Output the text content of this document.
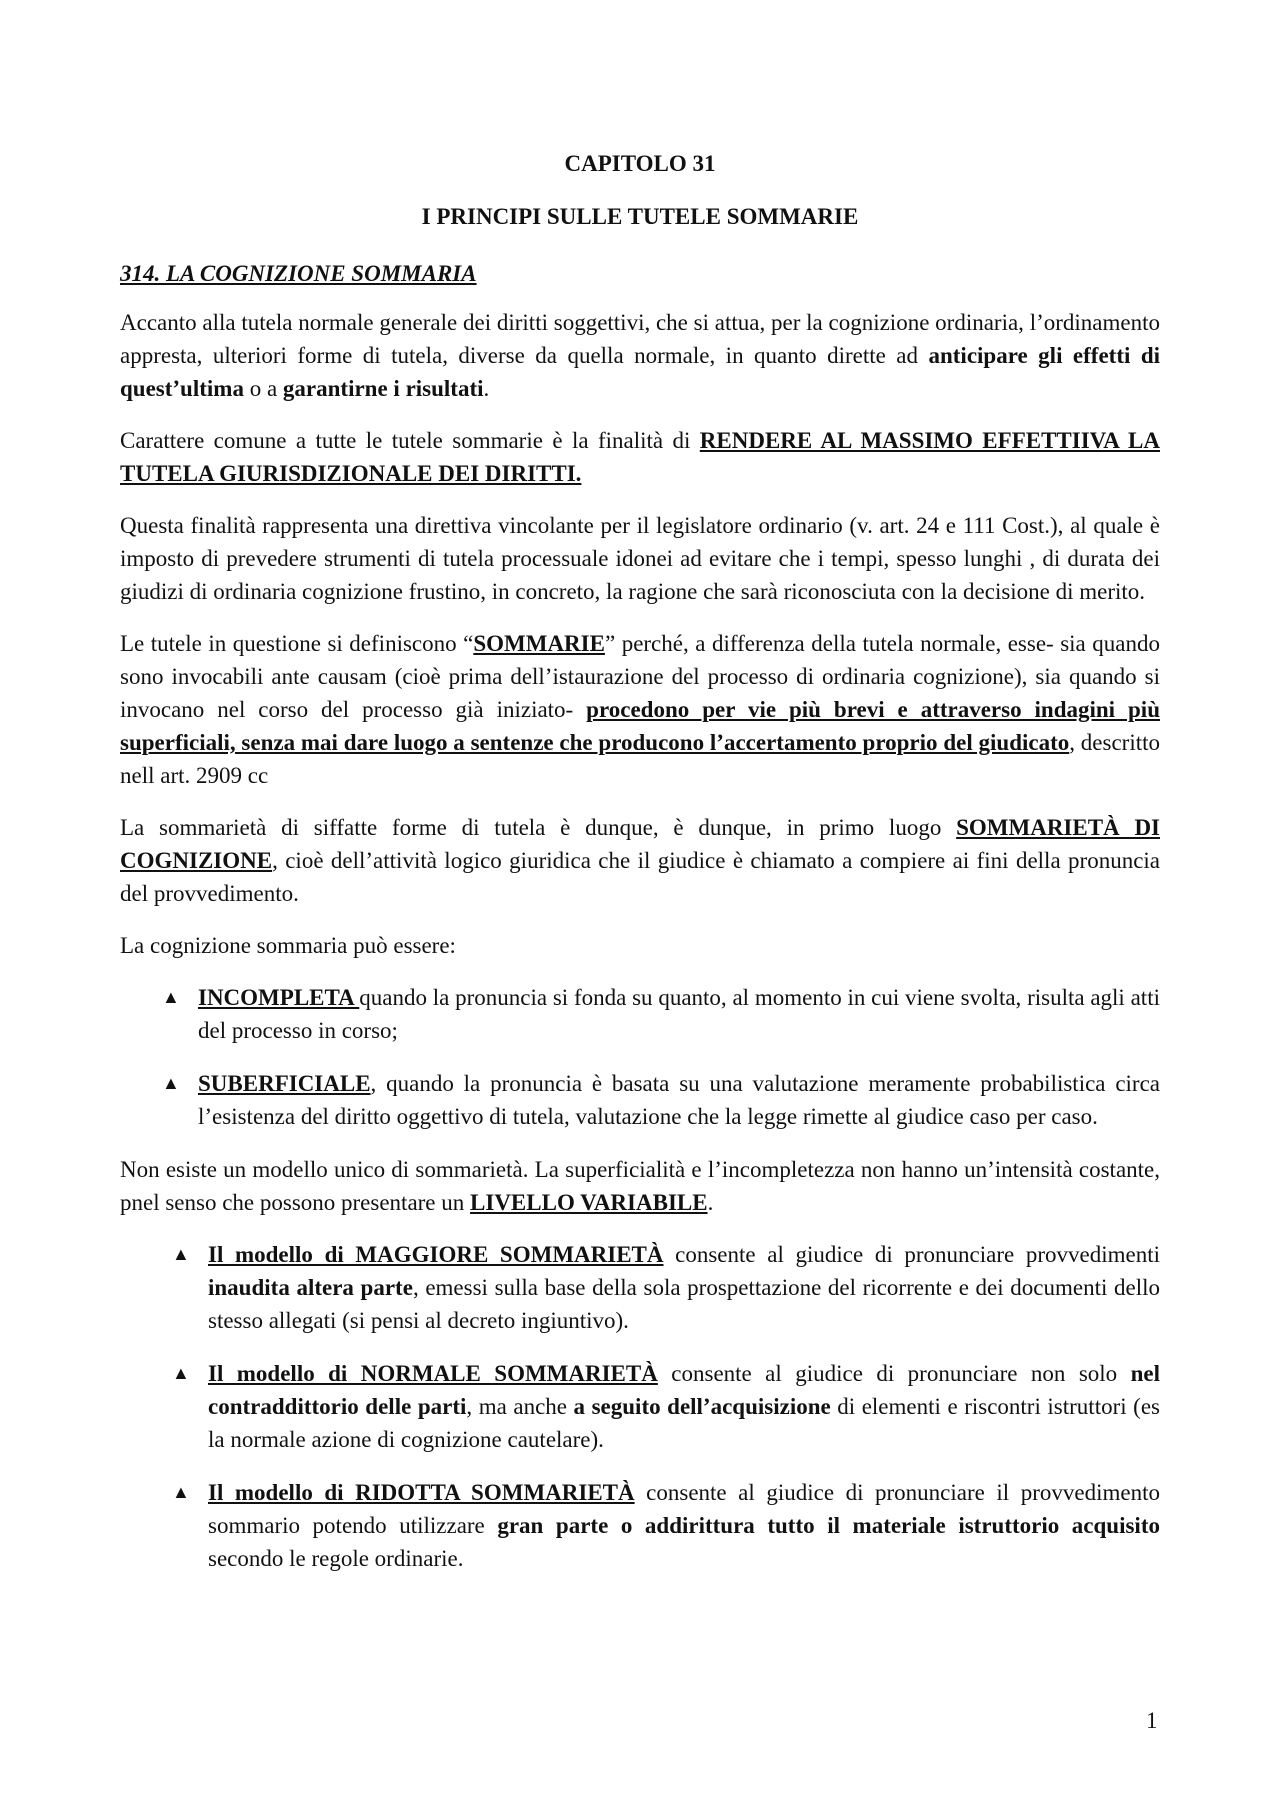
CAPITOLO 31

I PRINCIPI SULLE TUTELE SOMMARIE

314. LA COGNIZIONE SOMMARIA

Accanto alla tutela normale generale dei diritti soggettivi, che si attua, per la cognizione ordinaria, l’ordinamento appresta, ulteriori forme di tutela, diverse da quella normale, in quanto dirette ad anticipare gli effetti di quest’ultima o a garantirne i risultati.

Carattere comune a tutte le tutele sommarie è la finalità di RENDERE AL MASSIMO EFFETTIIVA LA TUTELA GIURISDIZIONALE DEI DIRITTI.

Questa finalità rappresenta una direttiva vincolante per il legislatore ordinario (v. art. 24 e 111 Cost.), al quale è imposto di prevedere strumenti di tutela processuale idonei ad evitare che i tempi, spesso lunghi , di durata dei giudizi di ordinaria cognizione frustino, in concreto, la ragione che sarà riconosciuta con la decisione di merito.

Le tutele in questione si definiscono “SOMMARIE” perché, a differenza della tutela normale, esse- sia quando sono invocabili ante causam (cioè prima dell’istaurazione del processo di ordinaria cognizione), sia quando si invocano nel corso del processo già iniziato- procedono per vie più brevi e attraverso indagini più superficiali, senza mai dare luogo a sentenze che producono l’accertamento proprio del giudicato, descritto nell art. 2909 cc

La sommarietà di siffatte forme di tutela è dunque, è dunque, in primo luogo SOMMARIETÀ DI COGNIZIONE, cioè dell’attività logico giuridica che il giudice è chiamato a compiere ai fini della pronuncia del provvedimento.

La cognizione sommaria può essere:

▲ INCOMPLETA quando la pronuncia si fonda su quanto, al momento in cui viene svolta, risulta agli atti del processo in corso;
▲ SUBERFICIALE, quando la pronuncia è basata su una valutazione meramente probabilistica circa l’esistenza del diritto oggettivo di tutela, valutazione che la legge rimette al giudice caso per caso.

Non esiste un modello unico di sommarietà. La superficialità e l’incompletezza non hanno un’intensità costante, pnel senso che possono presentare un LIVELLO VARIABILE.

▲ Il modello di MAGGIORE SOMMARIETÀ consente al giudice di pronunciare provvedimenti inaudita altera parte, emessi sulla base della sola prospettazione del ricorrente e dei documenti dello stesso allegati (si pensi al decreto ingiuntivo).
▲ Il modello di NORMALE SOMMARIETÀ consente al giudice di pronunciare non solo nel contraddittorio delle parti, ma anche a seguito dell’acquisizione di elementi e riscontri istruttori (es la normale azione di cognizione cautelare).
▲ Il modello di RIDOTTA SOMMARIETÀ consente al giudice di pronunciare il provvedimento sommario potendo utilizzare gran parte o addirittura tutto il materiale istruttorio acquisito secondo le regole ordinarie.
1
